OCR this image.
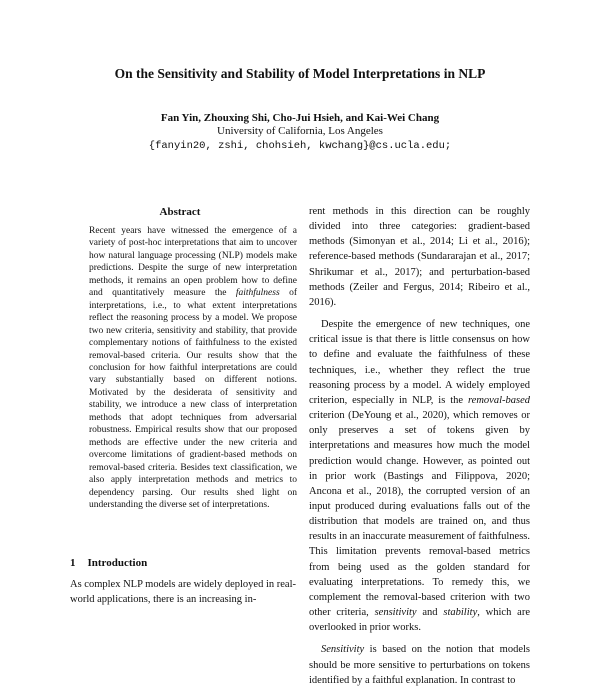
On the Sensitivity and Stability of Model Interpretations in NLP
Fan Yin, Zhouxing Shi, Cho-Jui Hsieh, and Kai-Wei Chang
University of California, Los Angeles
{fanyin20, zshi, chohsieh, kwchang}@cs.ucla.edu;
Abstract
Recent years have witnessed the emergence of a variety of post-hoc interpretations that aim to uncover how natural language processing (NLP) models make predictions. Despite the surge of new interpretation methods, it remains an open problem how to define and quantitatively measure the faithfulness of interpretations, i.e., to what extent interpretations reflect the reasoning process by a model. We propose two new criteria, sensitivity and stability, that provide complementary notions of faithfulness to the existed removal-based criteria. Our results show that the conclusion for how faithful interpretations are could vary substantially based on different notions. Motivated by the desiderata of sensitivity and stability, we introduce a new class of interpretation methods that adopt techniques from adversarial robustness. Empirical results show that our proposed methods are effective under the new criteria and overcome limitations of gradient-based methods on removal-based criteria. Besides text classification, we also apply interpretation methods and metrics to dependency parsing. Our results shed light on understanding the diverse set of interpretations.
1 Introduction
As complex NLP models are widely deployed in real-world applications, there is an increasing in-

rent methods in this direction can be roughly divided into three categories: gradient-based methods (Simonyan et al., 2014; Li et al., 2016); reference-based methods (Sundararajan et al., 2017; Shrikumar et al., 2017); and perturbation-based methods (Zeiler and Fergus, 2014; Ribeiro et al., 2016).

Despite the emergence of new techniques, one critical issue is that there is little consensus on how to define and evaluate the faithfulness of these techniques, i.e., whether they reflect the true reasoning process by a model. A widely employed criterion, especially in NLP, is the removal-based criterion (DeYoung et al., 2020), which removes or only preserves a set of tokens given by interpretations and measures how much the model prediction would change. However, as pointed out in prior work (Bastings and Filippova, 2020; Ancona et al., 2018), the corrupted version of an input produced during evaluations falls out of the distribution that models are trained on, and thus results in an inaccurate measurement of faithfulness. This limitation prevents removal-based metrics from being used as the golden standard for evaluating interpretations. To remedy this, we complement the removal-based criterion with two other criteria, sensitivity and stability, which are overlooked in prior works.

Sensitivity is based on the notion that models should be more sensitive to perturbations on tokens identified by a faithful explanation. In contrast to
